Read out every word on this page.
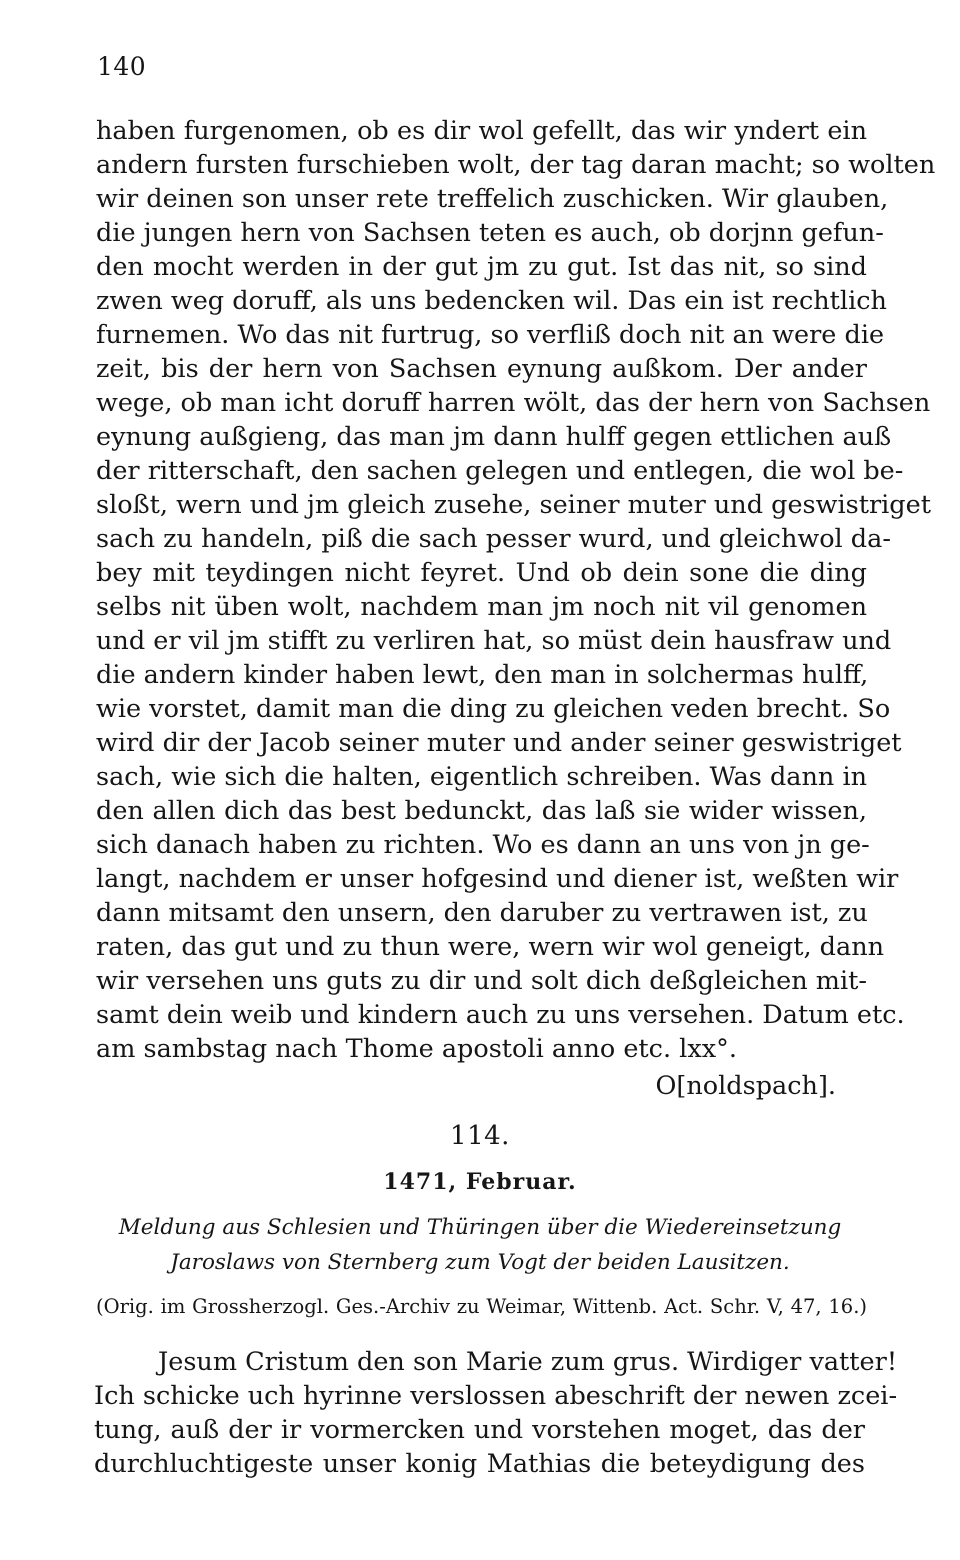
140
haben furgenomen, ob es dir wol gefellt, das wir yndert ein
andern fursten furschieben wolt, der tag daran macht; so wolten
wir deinen son unser rete treffelich zuschicken. Wir glauben,
die jungen hern von Sachsen teten es auch, ob dorjnn gefun-
den mocht werden in der gut jm zu gut. Ist das nit, so sind
zwen weg doruff, als uns bedencken wil. Das ein ist rechtlich
furnemen. Wo das nit furtrug, so verfliß doch nit an were die
zeit, bis der hern von Sachsen eynung außkom. Der ander
wege, ob man icht doruff harren wölt, das der hern von Sachsen
eynung außgieng, das man jm dann hulff gegen ettlichen auß
der ritterschaft, den sachen gelegen und entlegen, die wol be-
sloßt, wern und jm gleich zusehe, seiner muter und geswistriget
sach zu handeln, piß die sach pesser wurd, und gleichwol da-
bey mit teydingen nicht feyret. Und ob dein sone die ding
selbs nit üben wolt, nachdem man jm noch nit vil genomen
und er vil jm stifft zu verliren hat, so müst dein hausfraw und
die andern kinder haben lewt, den man in solchermas hulff,
wie vorstet, damit man die ding zu gleichen veden brecht. So
wird dir der Jacob seiner muter und ander seiner geswistriget
sach, wie sich die halten, eigentlich schreiben. Was dann in
den allen dich das best bedunckt, das laß sie wider wissen,
sich danach haben zu richten. Wo es dann an uns von jn ge-
langt, nachdem er unser hofgesind und diener ist, weßten wir
dann mitsamt den unsern, den daruber zu vertrawen ist, zu
raten, das gut und zu thun were, wern wir wol geneigt, dann
wir versehen uns guts zu dir und solt dich deßgleichen mit-
samt dein weib und kindern auch zu uns versehen. Datum etc.
am sambstag nach Thome apostoli anno etc. lxx°.
O[noldspach].
114.
1471, Februar.
Meldung aus Schlesien und Thüringen über die Wiedereinsetzung
Jaroslaws von Sternberg zum Vogt der beiden Lausitzen.
(Orig. im Grossherzogl. Ges.-Archiv zu Weimar, Wittenb. Act. Schr. V, 47, 16.)
Jesum Cristum den son Marie zum grus. Wirdiger vatter!
Ich schicke uch hyrinne verslossen abeschrift der newen zcei-
tung, auß der ir vormercken und vorstehen moget, das der
durchluchtigeste unser konig Mathias die beteydigung des
